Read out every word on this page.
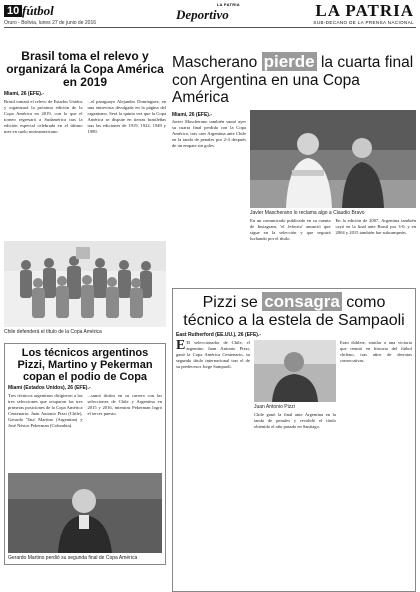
10 fútbol
Oruro - Bolivia, lunes 27 de junio de 2016
LA PATRIA
Deportivo	LA PATRIA
SUB-DECANO DE LA PRENSA NACIONAL
Brasil toma el relevo y organizará la Copa América en 2019
Miami, 26 (EFE).-
Brasil tomará el relevo de Estados Unidos y organizará la próxima edición de la Copa América en 2019, con lo que el torneo regresará a Sudamérica tras la edición especial celebrada en el último mes en suelo norteamericano.
...el paraguayo Alejandro Domínguez, en una entrevista divulgada en la página del organismo. Será la quinta vez que la Copa América se dispute en tierras brasileñas tras las ediciones de 1919, 1922, 1949 y 1989.
Chile defenderá el título de la Copa América
Los técnicos argentinos Pizzi, Martino y Pekerman copan el podio de Copa
Miami (Estados Unidos), 26 (EFE).-
Tres técnicos argentinos dirigieron a las tres selecciones que ocuparon las tres primeras posiciones de la Copa América Centenario: Juan Antonio Pizzi (Chile), Gerardo 'Tata' Martino (Argentina) y José Néstor Pekerman (Colombia).
...sumó títulos en su carrera con las selecciones de Chile y Argentina en 2015 y 2016, mientras Pekerman logró el tercer puesto.
Gerardo Martino perdió su segunda final de Copa América
Mascherano pierde la cuarta final con Argentina en una Copa América
Miami, 26 (EFE).-
Javier Mascherano también sumó ayer su cuarta final perdida con la Copa América, tras caer Argentina ante Chile en la tanda de penales por 2-4 después de un empate sin goles.
Javier Mascherano lo reclama algo a Claudio Bravo
En un comunicado publicado en su cuenta de Instagram, 'el Jefecito' anunció que sigue en la selección y que seguirá luchando por el título.
En la edición de 2007, Argentina también cayó en la final ante Brasil por 3-0, y en 2004 y 2015 también fue subcampeón.
Pizzi se consagra como técnico a la estela de Sampaoli
East Rutherford (EE.UU.), 26 (EFE).-
E El seleccionador de Chile, el argentino Juan Antonio Pizzi, ganó la Copa América Centenario, su segundo título internacional tras el de su predecesor Jorge Sampaoli.
Juan Antonio Pizzi
Chile ganó la final ante Argentina en la tanda de penales y revalidó el título obtenido el año pasado en Santiago.
Eran doblete, similar a una victoria que reunió en historia del fútbol chileno, tras años de derrotas consecutivas.
